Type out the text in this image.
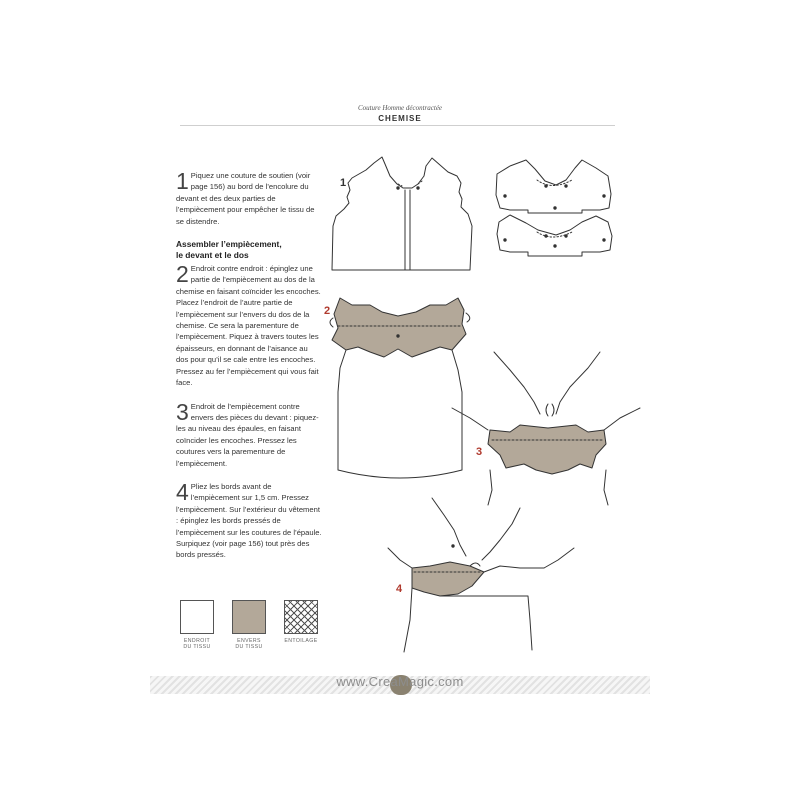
Couture Homme décontractée
CHEMISE
1 Piquez une couture de soutien (voir page 156) au bord de l’encolure du devant et des deux parties de l’empiècement pour empêcher le tissu de se distendre.
Assembler l’empiècement,
le devant et le dos
2 Endroit contre endroit : épinglez une partie de l’empiècement au dos de la chemise en faisant coïncider les encoches. Placez l’endroit de l’autre partie de l’empiècement sur l’envers du dos de la chemise. Ce sera la parementure de l’empiècement. Piquez à travers toutes les épaisseurs, en donnant de l’aisance au dos pour qu’il se cale entre les encoches. Pressez au fer l’empiècement qui vous fait face.
3 Endroit de l’empiècement contre envers des pièces du devant : piquez-les au niveau des épaules, en faisant coïncider les encoches. Pressez les coutures vers la parementure de l’empiècement.
4 Pliez les bords avant de l’empiècement sur 1,5 cm. Pressez l’empiècement. Sur l’extérieur du vêtement : épinglez les bords pressés de l’empiècement sur les coutures de l’épaule. Surpiquez (voir page 156) tout près des bords pressés.
ENDROIT
DU TISSU
ENVERS
DU TISSU
ENTOILAGE
1
2
3
4
www.CreaMagic.com
